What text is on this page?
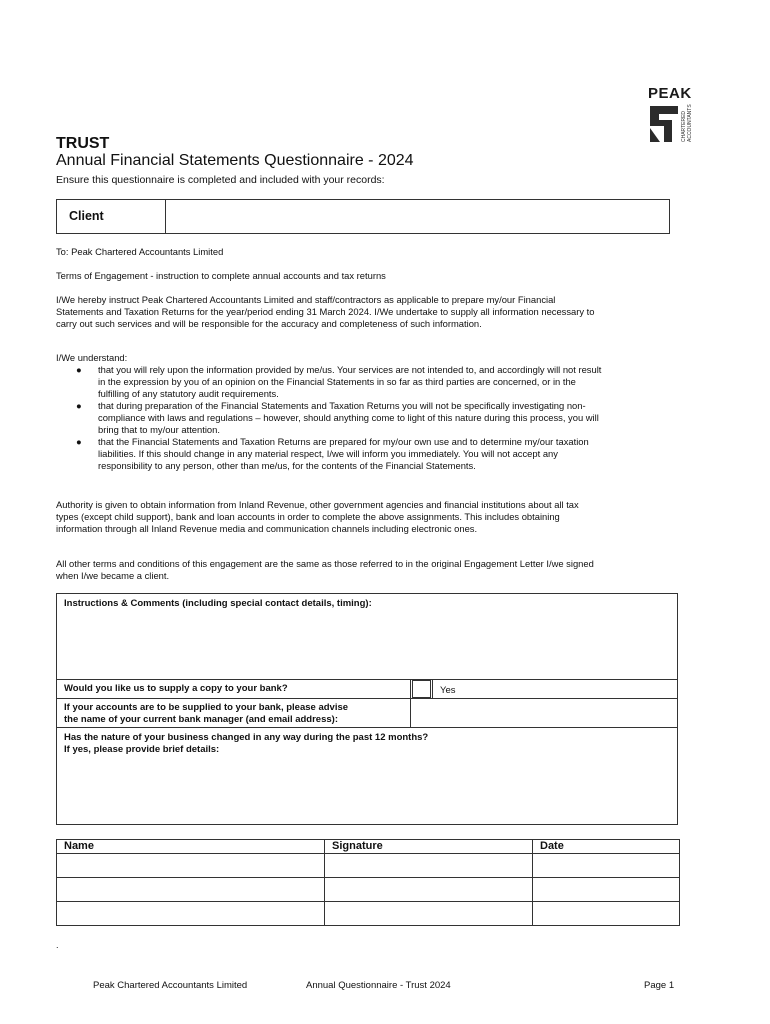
PEAK
CHARTERED
ACCOUNTANTS
TRUST
Annual Financial Statements Questionnaire - 2024
Ensure this questionnaire is completed and included with your records:
Client
To: Peak Chartered Accountants Limited
Terms of Engagement - instruction to complete annual accounts and tax returns
I/We hereby instruct Peak Chartered Accountants Limited and staff/contractors as applicable to prepare my/our Financial Statements and Taxation Returns for the year/period ending 31 March 2024. I/We undertake to supply all information necessary to carry out such services and will be responsible for the accuracy and completeness of such information.
I/We understand:
● that you will rely upon the information provided by me/us. Your services are not intended to, and accordingly will not result in the expression by you of an opinion on the Financial Statements in so far as third parties are concerned, or in the fulfilling of any statutory audit requirements.
● that during preparation of the Financial Statements and Taxation Returns you will not be specifically investigating non-compliance with laws and regulations – however, should anything come to light of this nature during this process, you will bring that to my/our attention.
● that the Financial Statements and Taxation Returns are prepared for my/our own use and to determine my/our taxation liabilities. If this should change in any material respect, I/we will inform you immediately. You will not accept any responsibility to any person, other than me/us, for the contents of the Financial Statements.
Authority is given to obtain information from Inland Revenue, other government agencies and financial institutions about all tax types (except child support), bank and loan accounts in order to complete the above assignments. This includes obtaining information through all Inland Revenue media and communication channels including electronic ones.
All other terms and conditions of this engagement are the same as those referred to in the original Engagement Letter I/we signed when I/we became a client.
Instructions & Comments (including special contact details, timing):
Would you like us to supply a copy to your bank?	Yes
If your accounts are to be supplied to your bank, please advise
the name of your current bank manager (and email address):
Has the nature of your business changed in any way during the past 12 months?
If yes, please provide brief details:
Name	Signature	Date

.
Peak Chartered Accountants Limited	Annual Questionnaire - Trust 2024	Page 1
